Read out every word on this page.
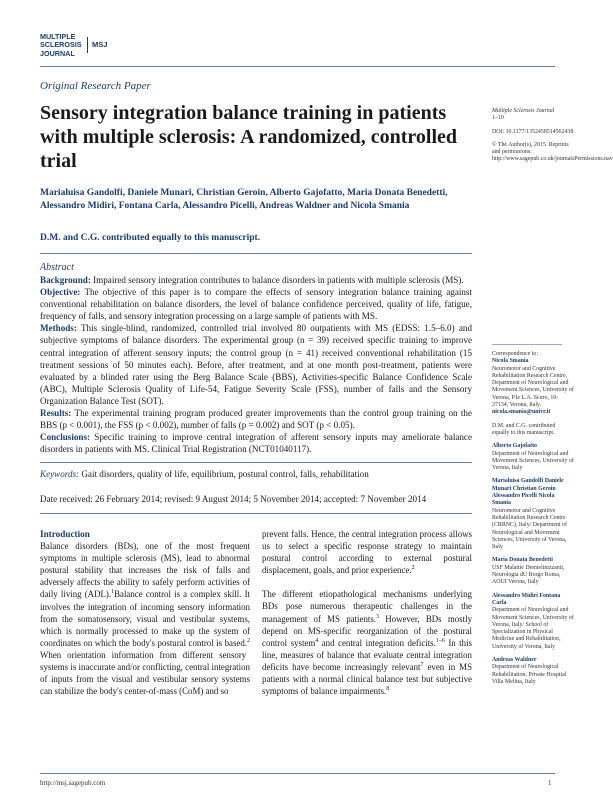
MULTIPLE
SCLEROSIS
JOURNAL
MSJ
Original Research Paper
Sensory integration balance training in patients with multiple sclerosis: A randomized, controlled trial
Marialuisa Gandolfi, Daniele Munari, Christian Geroin, Alberto Gajofatto, Maria Donata Benedetti, Alessandro Midiri, Fontana Carla, Alessandro Picelli, Andreas Waldner and Nicola Smania
D.M. and C.G. contributed equally to this manuscript.
Abstract

Background: Impaired sensory integration contributes to balance disorders in patients with multiple sclerosis (MS).

Objective: The objective of this paper is to compare the effects of sensory integration balance training against conventional rehabilitation on balance disorders, the level of balance confidence perceived, quality of life, fatigue, frequency of falls, and sensory integration processing on a large sample of patients with MS.

Methods: This single-blind, randomized, controlled trial involved 80 outpatients with MS (EDSS: 1.5–6.0) and subjective symptoms of balance disorders. The experimental group (n = 39) received specific training to improve central integration of afferent sensory inputs; the control group (n = 41) received conventional rehabilitation (15 treatment sessions of 50 minutes each). Before, after treatment, and at one month post-treatment, patients were evaluated by a blinded rater using the Berg Balance Scale (BBS), Activities-specific Balance Confidence Scale (ABC), Multiple Sclerosis Quality of Life-54, Fatigue Severity Scale (FSS), number of falls and the Sensory Organization Balance Test (SOT).

Results: The experimental training program produced greater improvements than the control group training on the BBS (p < 0.001), the FSS (p < 0.002), number of falls (p = 0.002) and SOT (p < 0.05).

Conclusions: Specific training to improve central integration of afferent sensory inputs may ameliorate balance disorders in patients with MS. Clinical Trial Registration (NCT01040117).

Keywords: Gait disorders, quality of life, equilibrium, postural control, falls, rehabilitation
Date received: 26 February 2014; revised: 9 August 2014; 5 November 2014; accepted: 7 November 2014
Introduction

Balance disorders (BDs), one of the most frequent symptoms in multiple sclerosis (MS), lead to abnormal postural stability that increases the risk of falls and adversely affects the ability to safely perform activities of daily living (ADL).$^1$Balance control is a complex skill. It involves the integration of incoming sensory information from the somatosensory, visual and vestibular systems, which is normally processed to make up the system of coordinates on which the body's postural control is based.$^2$ When orientation information from different sensory systems is inaccurate and/or conflicting, central integration of inputs from the visual and vestibular sensory systems can stabilize the body's center-of-mass (CoM) and so

prevent falls. Hence, the central integration process allows us to select a specific response strategy to maintain postural control according to external postural displacement, goals, and prior experience.$^2$

The different etiopathological mechanisms underlying BDs pose numerous therapeutic challenges in the management of MS patients.$^3$ However, BDs mostly depend on MS-specific reorganization of the postural control system$^4$ and central integration deficits.$^{1-6}$ In this line, measures of balance that evaluate central integration deficits have become increasingly relevant$^7$ even in MS patients with a normal clinical balance test but subjective symptoms of balance impairments.$^8$

Multiple Sclerosis Journal
1–10

DOI: 10.1177/1352458514562438

© The Author(s), 2015. Reprints and permissions: http://www.sagepub.co.uk/journalsPermissions.nav

Correspondence to:
Nicola Smania
Neuromotor and Cognitive Rehabilitation Research Centre, Department of Neurological and Movement Sciences, University of Verona, P.le L.A. Scuro, 10-37134, Verona, Italy.
nicola.smania@univr.it

D.M. and C.G. contributed equally to this manuscript.

Alberto Gajofatto
Department of Neurological and Movement Sciences, University of Verona, Italy

Marialuisa Gandolfi Daniele Munari Christian Geroin Alessandro Picelli Nicola Smania
Neuromotor and Cognitive Rehabilitation Research Centre (CRRNC), Italy/ Department of Neurological and Movement Sciences, University of Verona, Italy

Maria Donata Benedetti
USF Malattie Demielinizzanti, Neurologia dU Borgo Roma, AOUI Verona, Italy

Alessandro Midiri Fontana Carla
Department of Neurological and Movement Sciences, University of Verona, Italy/ School of Specialization in Physical Medicine and Rehabilitation, University of Verona, Italy

Andreas Waldner
Department of Neurological Rehabilitation, Private Hospital Villa Melitta, Italy

http://msj.sagepub.com	1
